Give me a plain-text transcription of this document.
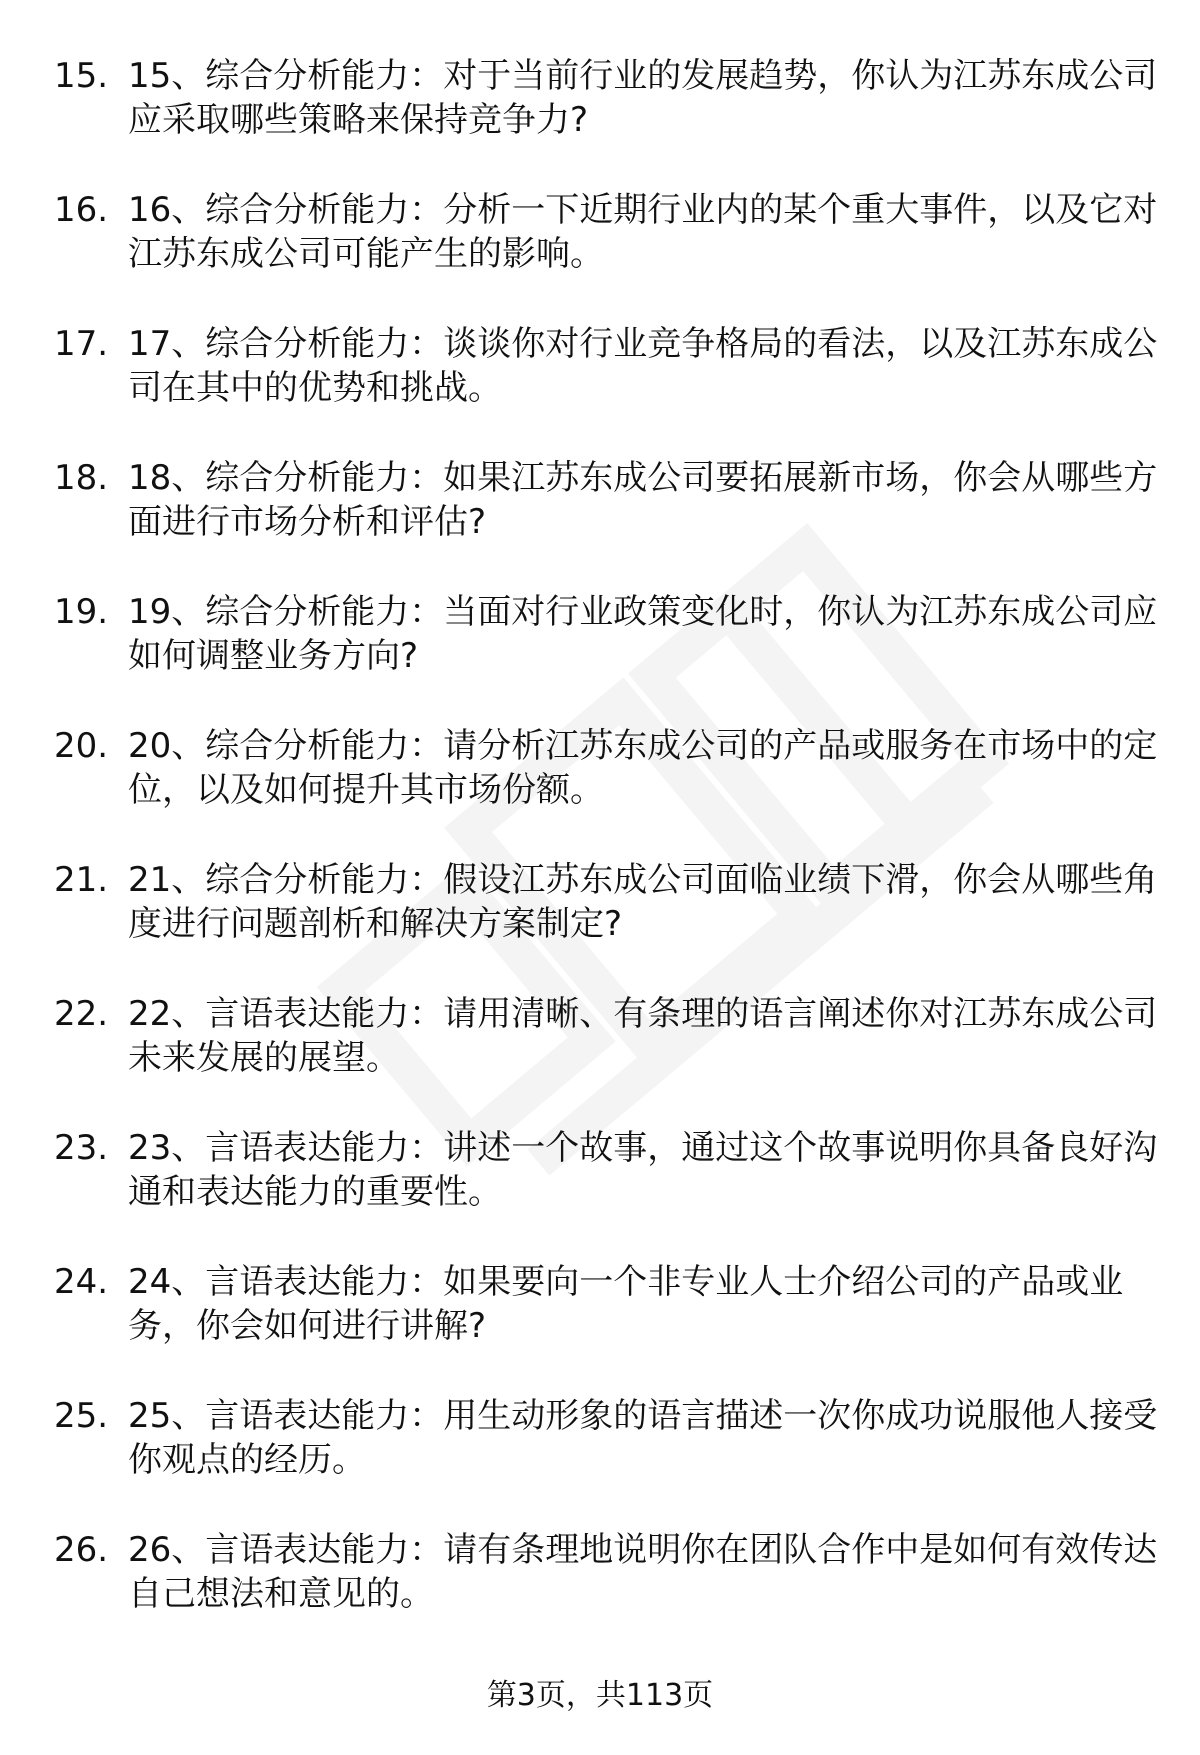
15. 15、综合分析能力：对于当前行业的发展趋势，你认为江苏东成公司应采取哪些策略来保持竞争力?
16. 16、综合分析能力：分析一下近期行业内的某个重大事件，以及它对江苏东成公司可能产生的影响。
17. 17、综合分析能力：谈谈你对行业竞争格局的看法，以及江苏东成公司在其中的优势和挑战。
18. 18、综合分析能力：如果江苏东成公司要拓展新市场，你会从哪些方面进行市场分析和评估?
19. 19、综合分析能力：当面对行业政策变化时，你认为江苏东成公司应如何调整业务方向?
20. 20、综合分析能力：请分析江苏东成公司的产品或服务在市场中的定位，以及如何提升其市场份额。
21. 21、综合分析能力：假设江苏东成公司面临业绩下滑，你会从哪些角度进行问题剖析和解决方案制定?
22. 22、言语表达能力：请用清晰、有条理的语言阐述你对江苏东成公司未来发展的展望。
23. 23、言语表达能力：讲述一个故事，通过这个故事说明你具备良好沟通和表达能力的重要性。
24. 24、言语表达能力：如果要向一个非专业人士介绍公司的产品或业务，你会如何进行讲解?
25. 25、言语表达能力：用生动形象的语言描述一次你成功说服他人接受你观点的经历。
26. 26、言语表达能力：请有条理地说明你在团队合作中是如何有效传达自己想法和意见的。
第3页，共113页
